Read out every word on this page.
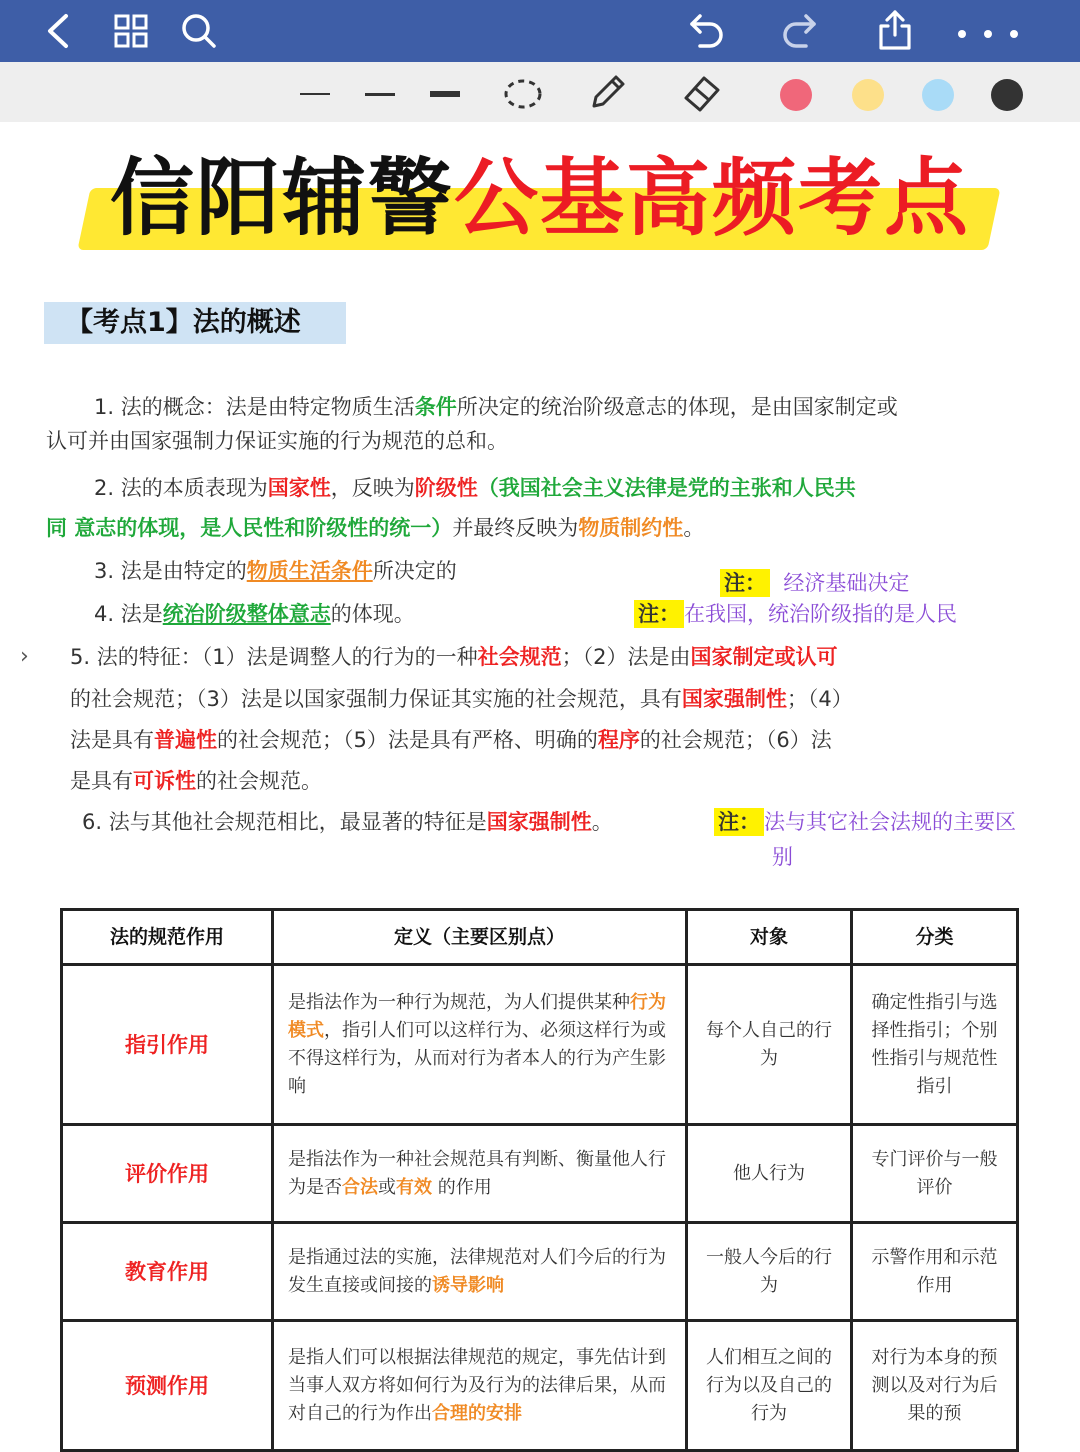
信阳辅警公基高频考点
【考点1】法的概述
1. 法的概念：法是由特定物质生活条件所决定的统治阶级意志的体现，是由国家制定或
认可并由国家强制力保证实施的行为规范的总和。
2. 法的本质表现为国家性，反映为阶级性（我国社会主义法律是党的主张和人民共
同 意志的体现，是人民性和阶级性的统一）并最终反映为物质制约性。
3. 法是由特定的物质生活条件所决定的	注： 经济基础决定
4. 法是统治阶级整体意志的体现。	注： 在我国，统治阶级指的是人民
› 5. 法的特征：（1）法是调整人的行为的一种社会规范；（2）法是由国家制定或认可
的社会规范；（3）法是以国家强制力保证其实施的社会规范，具有国家强制性；（4）
法是具有普遍性的社会规范；（5）法是具有严格、明确的程序的社会规范；（6）法
是具有可诉性的社会规范。
6. 法与其他社会规范相比，最显著的特征是国家强制性。	注： 法与其它社会法规的主要区
别
法的规范作用	定义（主要区别点）	对象	分类
指引作用	是指法作为一种行为规范，为人们提供某种行为模式，指引人们可以这样行为、必须这样行为或不得这样行为，从而对行为者本人的行为产生影响	每个人自己的行为	确定性指引与选择性指引；个别性指引与规范性指引
评价作用	是指法作为一种社会规范具有判断、衡量他人行为是否合法或有效 的作用	他人行为	专门评价与一般评价
教育作用	是指通过法的实施，法律规范对人们今后的行为发生直接或间接的诱导影响	一般人今后的行为	示警作用和示范作用
预测作用	是指人们可以根据法律规范的规定，事先估计到当事人双方将如何行为及行为的法律后果，从而对自己的行为作出合理的安排	人们相互之间的行为以及自己的行为	对行为本身的预测以及对行为后果的预
